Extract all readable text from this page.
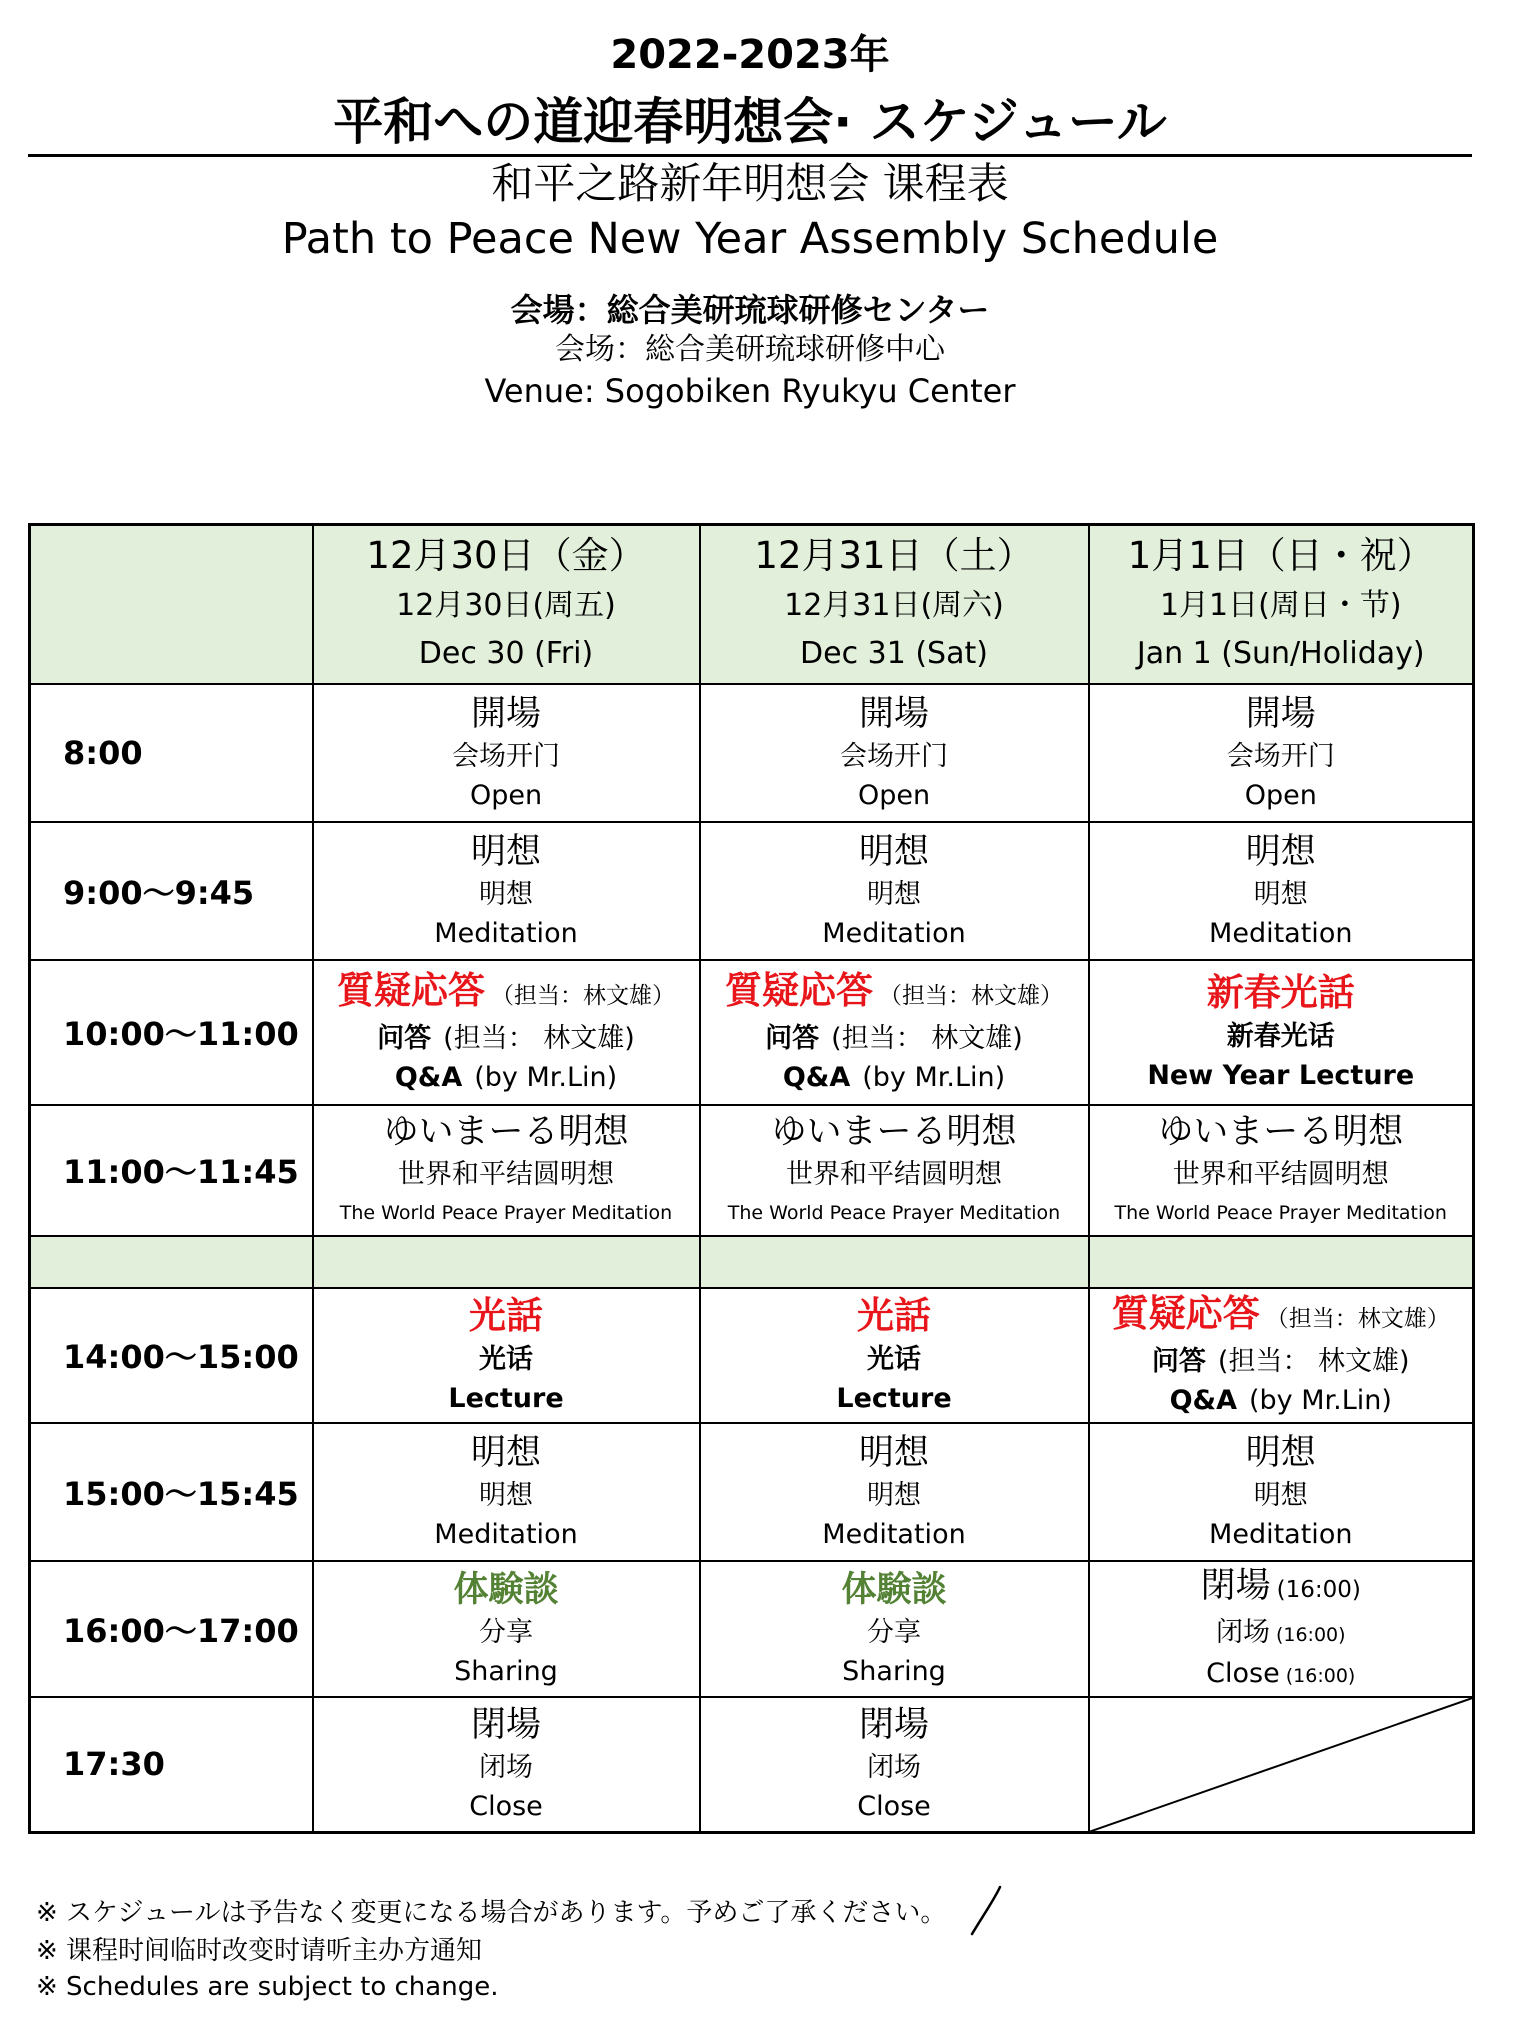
2022-2023年
平和への道迎春明想会· スケジュール
和平之路新年明想会 课程表
Path to Peace New Year Assembly Schedule
会場：総合美研琉球研修センター
会场：総合美研琉球研修中心
Venue: Sogobiken Ryukyu Center

	12月30日（金）
12月30日(周五)
Dec 30 (Fri)	12月31日（土）
12月31日(周六)
Dec 31 (Sat)	1月1日（日・祝）
1月1日(周日・节)
Jan 1 (Sun/Holiday)

8:00	開場
会场开门
Open	開場
会场开门
Open	開場
会场开门
Open

9:00～9:45	明想
明想
Meditation	明想
明想
Meditation	明想
明想
Meditation

10:00～11:00	質疑応答 （担当：林文雄）
问答 (担当： 林文雄)
Q&A (by Mr.Lin)	質疑応答 （担当：林文雄）
问答 (担当： 林文雄)
Q&A (by Mr.Lin)	新春光話
新春光话
New Year Lecture

11:00～11:45	ゆいまーる明想
世界和平结圆明想
The World Peace Prayer Meditation	ゆいまーる明想
世界和平结圆明想
The World Peace Prayer Meditation	ゆいまーる明想
世界和平结圆明想
The World Peace Prayer Meditation

14:00～15:00	光話
光话
Lecture	光話
光话
Lecture	質疑応答 （担当：林文雄）
问答 (担当： 林文雄)
Q&A (by Mr.Lin)

15:00～15:45	明想
明想
Meditation	明想
明想
Meditation	明想
明想
Meditation

16:00～17:00	体験談
分享
Sharing	体験談
分享
Sharing	閉場 (16:00)
闭场 (16:00)
Close (16:00)

17:30	閉場
闭场
Close	閉場
闭场
Close

※ スケジュールは予告なく変更になる場合があります。予めご了承ください。
※ 课程时间临时改变时请听主办方通知
※ Schedules are subject to change.
